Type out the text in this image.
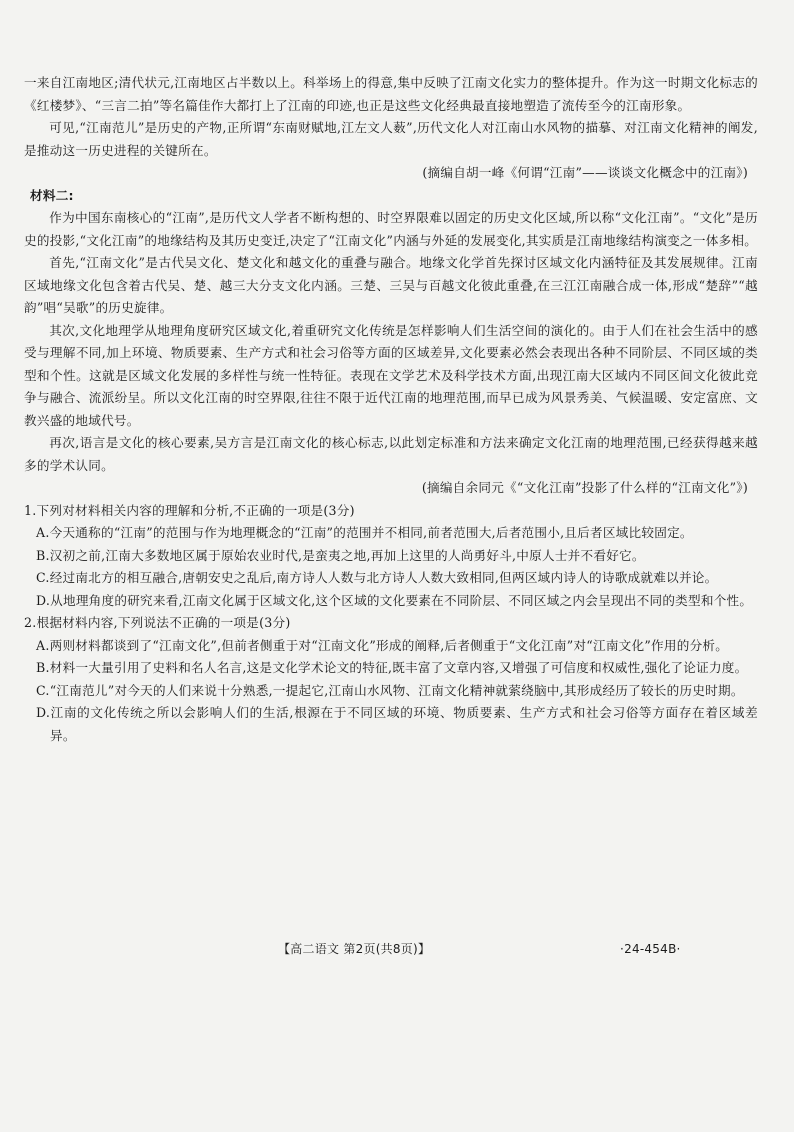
一来自江南地区;清代状元,江南地区占半数以上。科举场上的得意,集中反映了江南文化实力的整体提升。作为这一时期文化标志的《红楼梦》、“三言二拍”等名篇佳作大都打上了江南的印迹,也正是这些文化经典最直接地塑造了流传至今的江南形象。

可见,“江南范儿”是历史的产物,正所谓“东南财赋地,江左文人薮”,历代文化人对江南山水风物的描摹、对江南文化精神的阐发,是推动这一历史进程的关键所在。

(摘编自胡一峰《何谓“江南”——谈谈文化概念中的江南》)

材料二:

作为中国东南核心的“江南”,是历代文人学者不断构想的、时空界限难以固定的历史文化区域,所以称“文化江南”。“文化”是历史的投影,“文化江南”的地缘结构及其历史变迁,决定了“江南文化”内涵与外延的发展变化,其实质是江南地缘结构演变之一体多相。

首先,“江南文化”是古代吴文化、楚文化和越文化的重叠与融合。地缘文化学首先探讨区域文化内涵特征及其发展规律。江南区域地缘文化包含着古代吴、楚、越三大分支文化内涵。三楚、三吴与百越文化彼此重叠,在三江江南融合成一体,形成“楚辞”“越韵”唱“吴歌”的历史旋律。

其次,文化地理学从地理角度研究区域文化,着重研究文化传统是怎样影响人们生活空间的演化的。由于人们在社会生活中的感受与理解不同,加上环境、物质要素、生产方式和社会习俗等方面的区域差异,文化要素必然会表现出各种不同阶层、不同区域的类型和个性。这就是区域文化发展的多样性与统一性特征。表现在文学艺术及科学技术方面,出现江南大区域内不同区间文化彼此竞争与融合、流派纷呈。所以文化江南的时空界限,往往不限于近代江南的地理范围,而早已成为风景秀美、气候温暖、安定富庶、文教兴盛的地域代号。

再次,语言是文化的核心要素,吴方言是江南文化的核心标志,以此划定标准和方法来确定文化江南的地理范围,已经获得越来越多的学术认同。

(摘编自余同元《“文化江南”投影了什么样的“江南文化”》)

1.下列对材料相关内容的理解和分析,不正确的一项是(3分)

A.今天通称的“江南”的范围与作为地理概念的“江南”的范围并不相同,前者范围大,后者范围小,且后者区域比较固定。

B.汉初之前,江南大多数地区属于原始农业时代,是蛮夷之地,再加上这里的人尚勇好斗,中原人士并不看好它。

C.经过南北方的相互融合,唐朝安史之乱后,南方诗人人数与北方诗人人数大致相同,但两区域内诗人的诗歌成就难以并论。

D.从地理角度的研究来看,江南文化属于区域文化,这个区域的文化要素在不同阶层、不同区域之内会呈现出不同的类型和个性。

2.根据材料内容,下列说法不正确的一项是(3分)

A.两则材料都谈到了“江南文化”,但前者侧重于对“江南文化”形成的阐释,后者侧重于“文化江南”对“江南文化”作用的分析。

B.材料一大量引用了史料和名人名言,这是文化学术论文的特征,既丰富了文章内容,又增强了可信度和权威性,强化了论证力度。

C.“江南范儿”对今天的人们来说十分熟悉,一提起它,江南山水风物、江南文化精神就萦绕脑中,其形成经历了较长的历史时期。

D.江南的文化传统之所以会影响人们的生活,根源在于不同区域的环境、物质要素、生产方式和社会习俗等方面存在着区域差异。

【高二语文 第2页(共8页)】	·24-454B·
